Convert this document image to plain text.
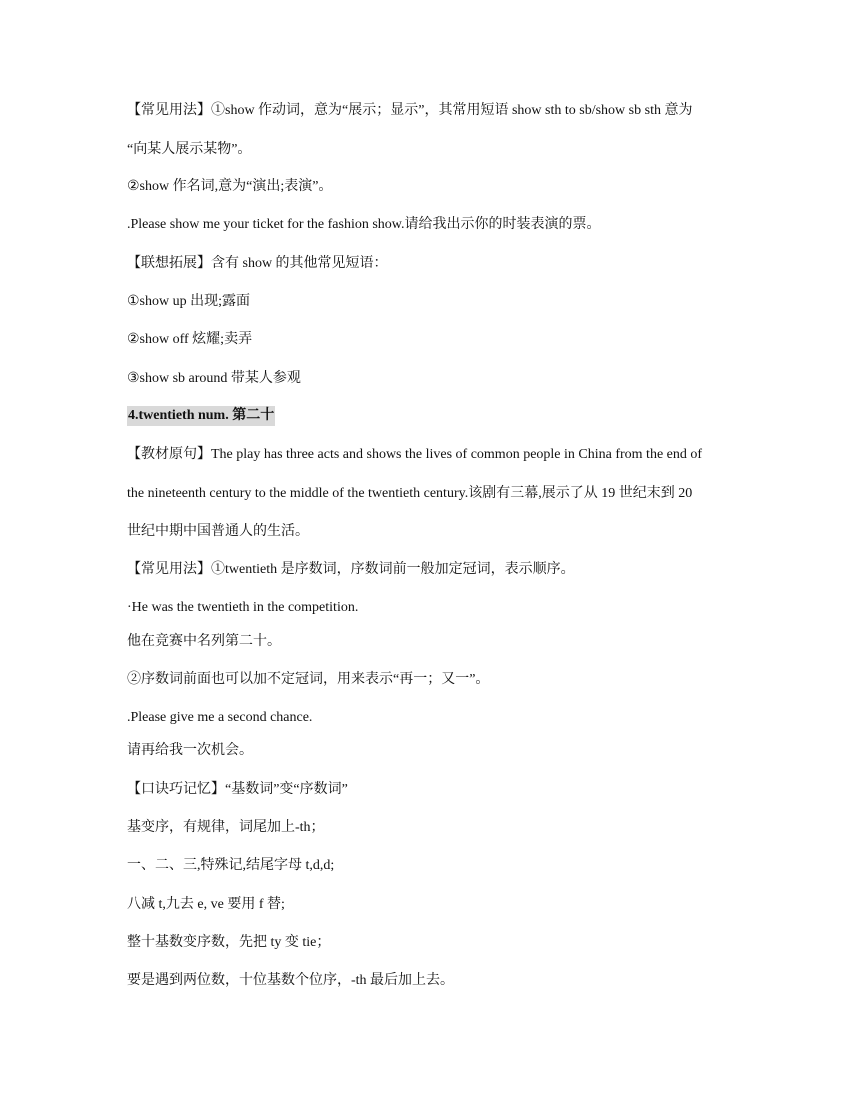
【常见用法】①show 作动词，意为“展示；显示”，其常用短语 show sth to sb/show sb sth 意为
“向某人展示某物”。
②show 作名词,意为“演出;表演”。
.Please show me your ticket for the fashion show.请给我出示你的时装表演的票。
【联想拓展】含有 show 的其他常见短语：
①show up 出现;露面
②show off 炫耀;卖弄
③show sb around 带某人参观
4.twentieth num. 第二十
【教材原句】The play has three acts and shows the lives of common people in China from the end of
the nineteenth century to the middle of the twentieth century.该剧有三幕,展示了从 19 世纪末到 20
世纪中期中国普通人的生活。
【常见用法】①twentieth 是序数词，序数词前一般加定冠词，表示顺序。
·He was the twentieth in the competition.
他在竞赛中名列第二十。
②序数词前面也可以加不定冠词，用来表示“再一；又一”。
.Please give me a second chance.
请再给我一次机会。
【口诀巧记忆】“基数词”变“序数词”
基变序，有规律，词尾加上-th；
一、二、三,特殊记,结尾字母 t,d,d;
八减 t,九去 e, ve 要用 f 替;
整十基数变序数，先把 ty 变 tie；
要是遇到两位数，十位基数个位序，-th 最后加上去。
